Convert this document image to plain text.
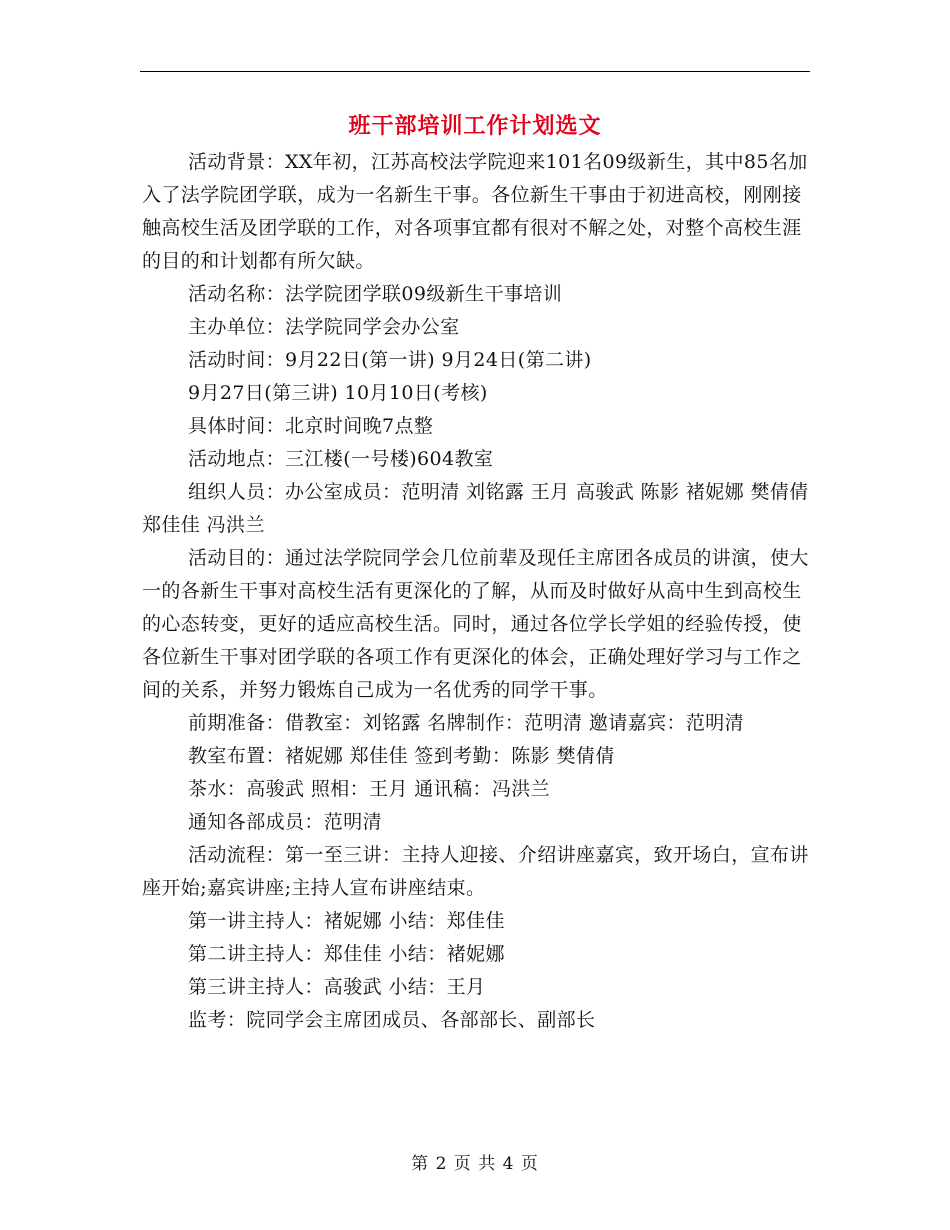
班干部培训工作计划选文

活动背景：XX年初，江苏高校法学院迎来101名09级新生，其中85名加入了法学院团学联，成为一名新生干事。各位新生干事由于初进高校，刚刚接触高校生活及团学联的工作，对各项事宜都有很对不解之处，对整个高校生涯的目的和计划都有所欠缺。

活动名称：法学院团学联09级新生干事培训

主办单位：法学院同学会办公室

活动时间：9月22日(第一讲) 9月24日(第二讲)

9月27日(第三讲) 10月10日(考核)

具体时间：北京时间晚7点整

活动地点：三江楼(一号楼)604教室

组织人员：办公室成员：范明清 刘铭露 王月 高骏武 陈影 褚妮娜 樊倩倩 郑佳佳 冯洪兰

活动目的：通过法学院同学会几位前辈及现任主席团各成员的讲演，使大一的各新生干事对高校生活有更深化的了解，从而及时做好从高中生到高校生的心态转变，更好的适应高校生活。同时，通过各位学长学姐的经验传授，使各位新生干事对团学联的各项工作有更深化的体会，正确处理好学习与工作之间的关系，并努力锻炼自己成为一名优秀的同学干事。

前期准备：借教室：刘铭露 名牌制作：范明清 邀请嘉宾：范明清

教室布置：褚妮娜 郑佳佳 签到考勤：陈影 樊倩倩

茶水：高骏武 照相：王月 通讯稿：冯洪兰

通知各部成员：范明清

活动流程：第一至三讲：主持人迎接、介绍讲座嘉宾，致开场白，宣布讲座开始;嘉宾讲座;主持人宣布讲座结束。

第一讲主持人：褚妮娜 小结：郑佳佳

第二讲主持人：郑佳佳 小结：褚妮娜

第三讲主持人：高骏武 小结：王月

监考：院同学会主席团成员、各部部长、副部长

第 2 页 共 4 页
